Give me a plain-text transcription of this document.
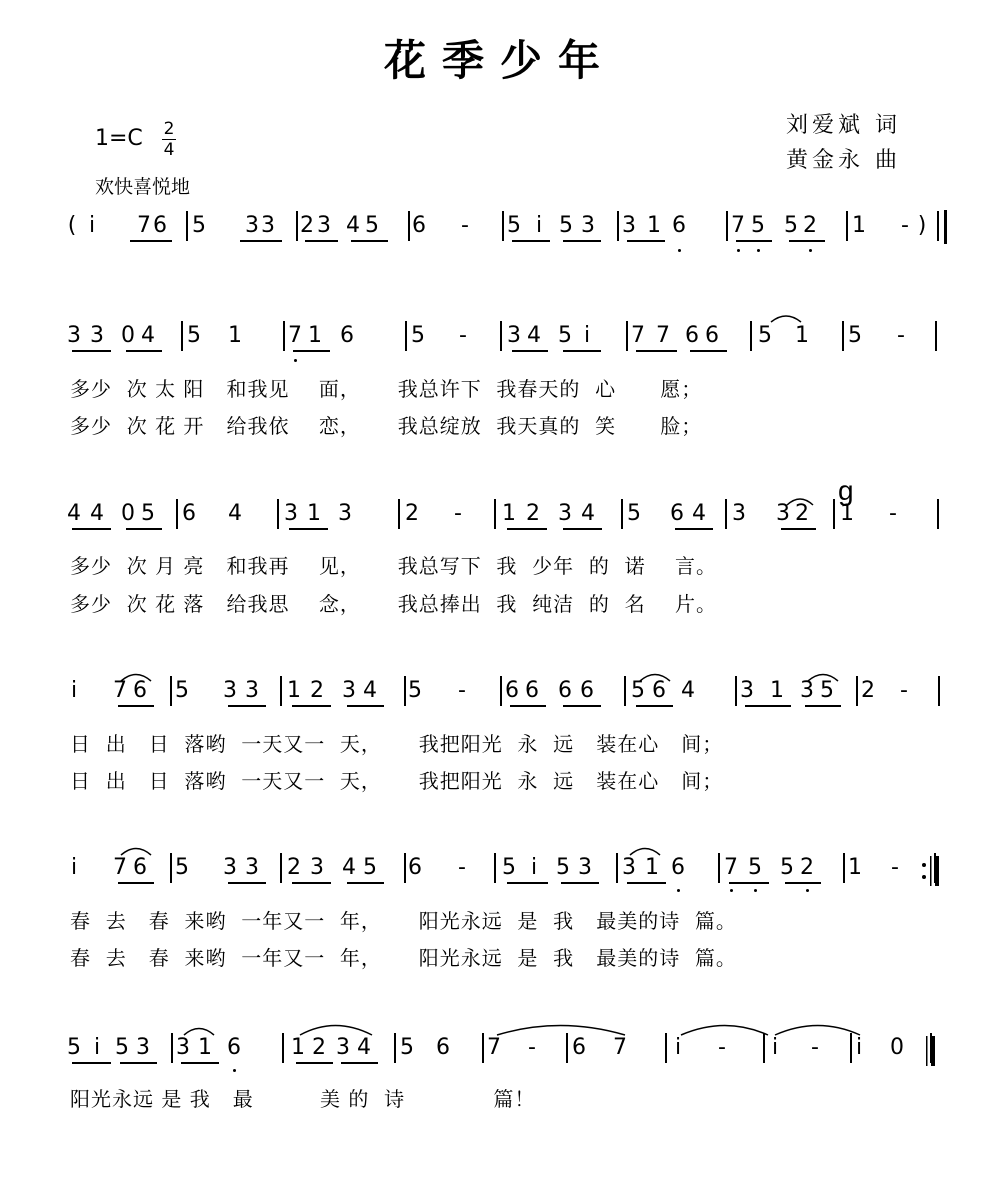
花季少年
1=C 2
4
欢快喜悦地
刘爱斌 词
黄金永 曲
( i 7 6 5 3 3 2 3 4 5 6 - 5 i 5 3 3 1 6 7 5 5 2 1 - )
3 3 0 4 5 1 7 1 6	5 - 3 4 5 i 7 7 6 6 5 1 5 -
多少  次 太 阳   和我见    面，     我总许下  我春天的  心      愿；
多少  次 花 开   给我依    恋，     我总绽放  我天真的  笑      脸；
4 4 0 5 6 4 3 1 3 2 - 1 2 3 4 5 6 4 3 3 2 1 -
多少  次 月 亮   和我再    见，     我总写下  我  少年  的  诺    言。
多少  次 花 落   给我思    念，     我总捧出  我  纯洁  的  名    片。
i 7 6 5 3 3 1 2 3 4 5 - 6 6 6 6 5 6 4 3 1 3 5 2 -
日  出   日  落哟  一天又一  天，     我把阳光  永  远   装在心   间；
日  出   日  落哟  一天又一  天，     我把阳光  永  远   装在心   间；
i 7 6 5 3 3 2 3 4 5 6 - 5 i 5 3 3 1 6 7 5 5 2 1 -
春  去   春  来哟  一年又一  年，     阳光永远  是  我   最美的诗  篇。
春  去   春  来哟  一年又一  年，     阳光永远  是  我   最美的诗  篇。
5 i 5 3 3 1 6 1 2 3 4 5 6 7 - 6 7 i - i - i 0
阳光永远 是 我   最         美 的  诗            篇！
g
